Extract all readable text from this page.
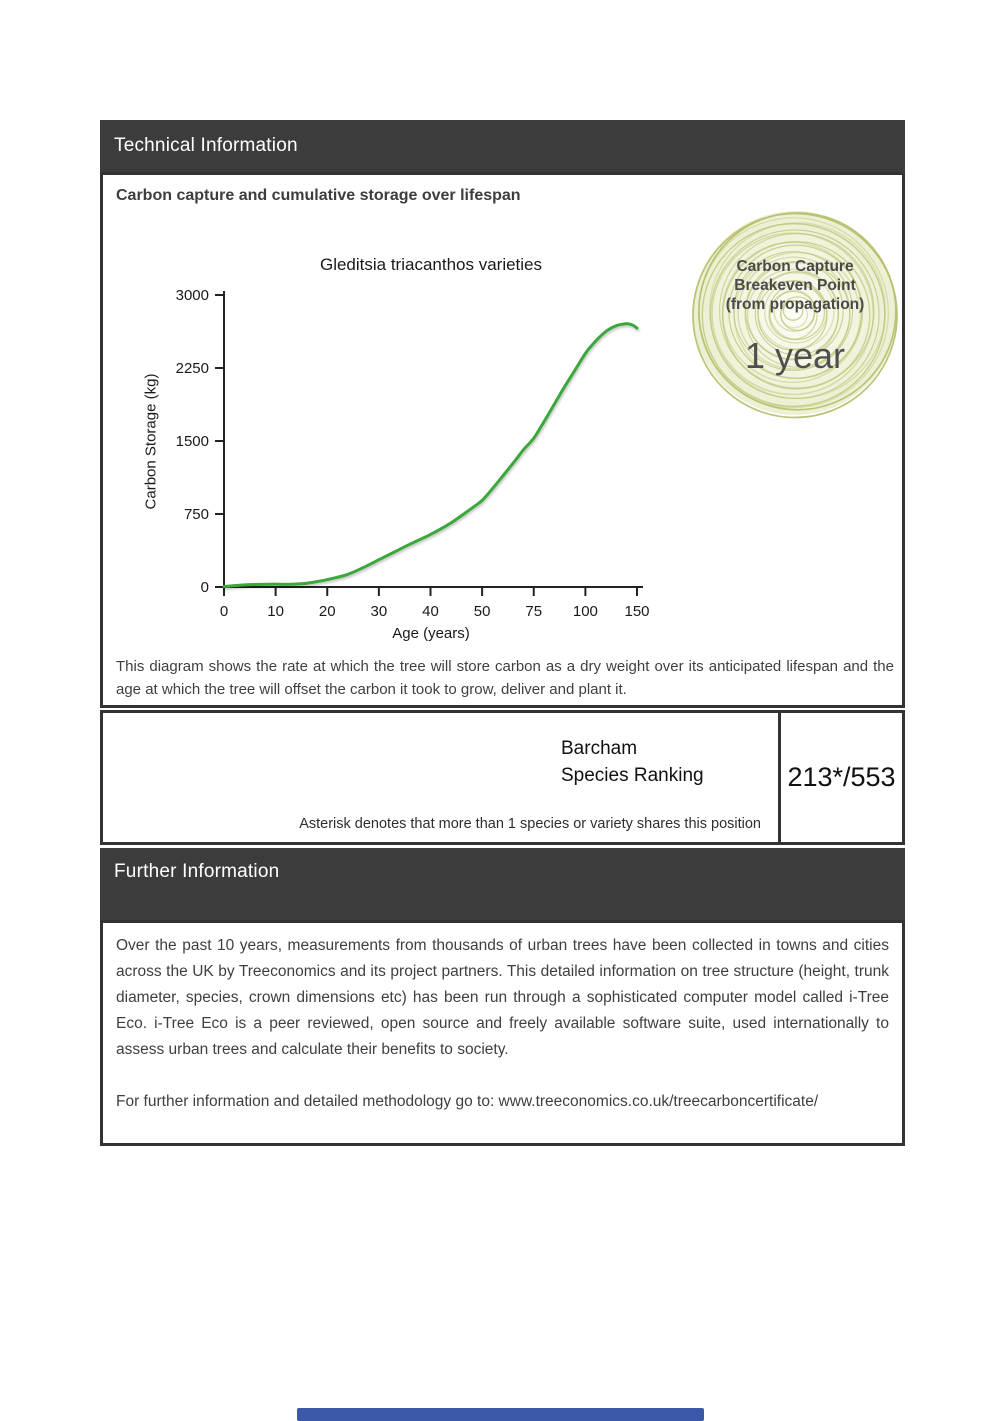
Technical Information
Carbon capture and cumulative storage over lifespan
Gleditsia triacanthos varieties
Carbon Storage (kg)
Age (years)
0
750
1500
2250
3000
0	10 20 30 40 50 75 100 150
Carbon Capture
Breakeven Point
(from propagation)
1 year
This diagram shows the rate at which the tree will store carbon as a dry weight over its anticipated lifespan and the age at which the tree will offset the carbon it took to grow, deliver and plant it.
Barcham
Species Ranking
Asterisk denotes that more than 1 species or variety shares this position
213*/553
Further Information
Over the past 10 years, measurements from thousands of urban trees have been collected in towns and cities across the UK by Treeconomics and its project partners. This detailed information on tree structure (height, trunk diameter, species, crown dimensions etc) has been run through a sophisticated computer model called i-Tree Eco. i-Tree Eco is a peer reviewed, open source and freely available software suite, used internationally to assess urban trees and calculate their benefits to society.
For further information and detailed methodology go to: www.treeconomics.co.uk/treecarboncertificate/
